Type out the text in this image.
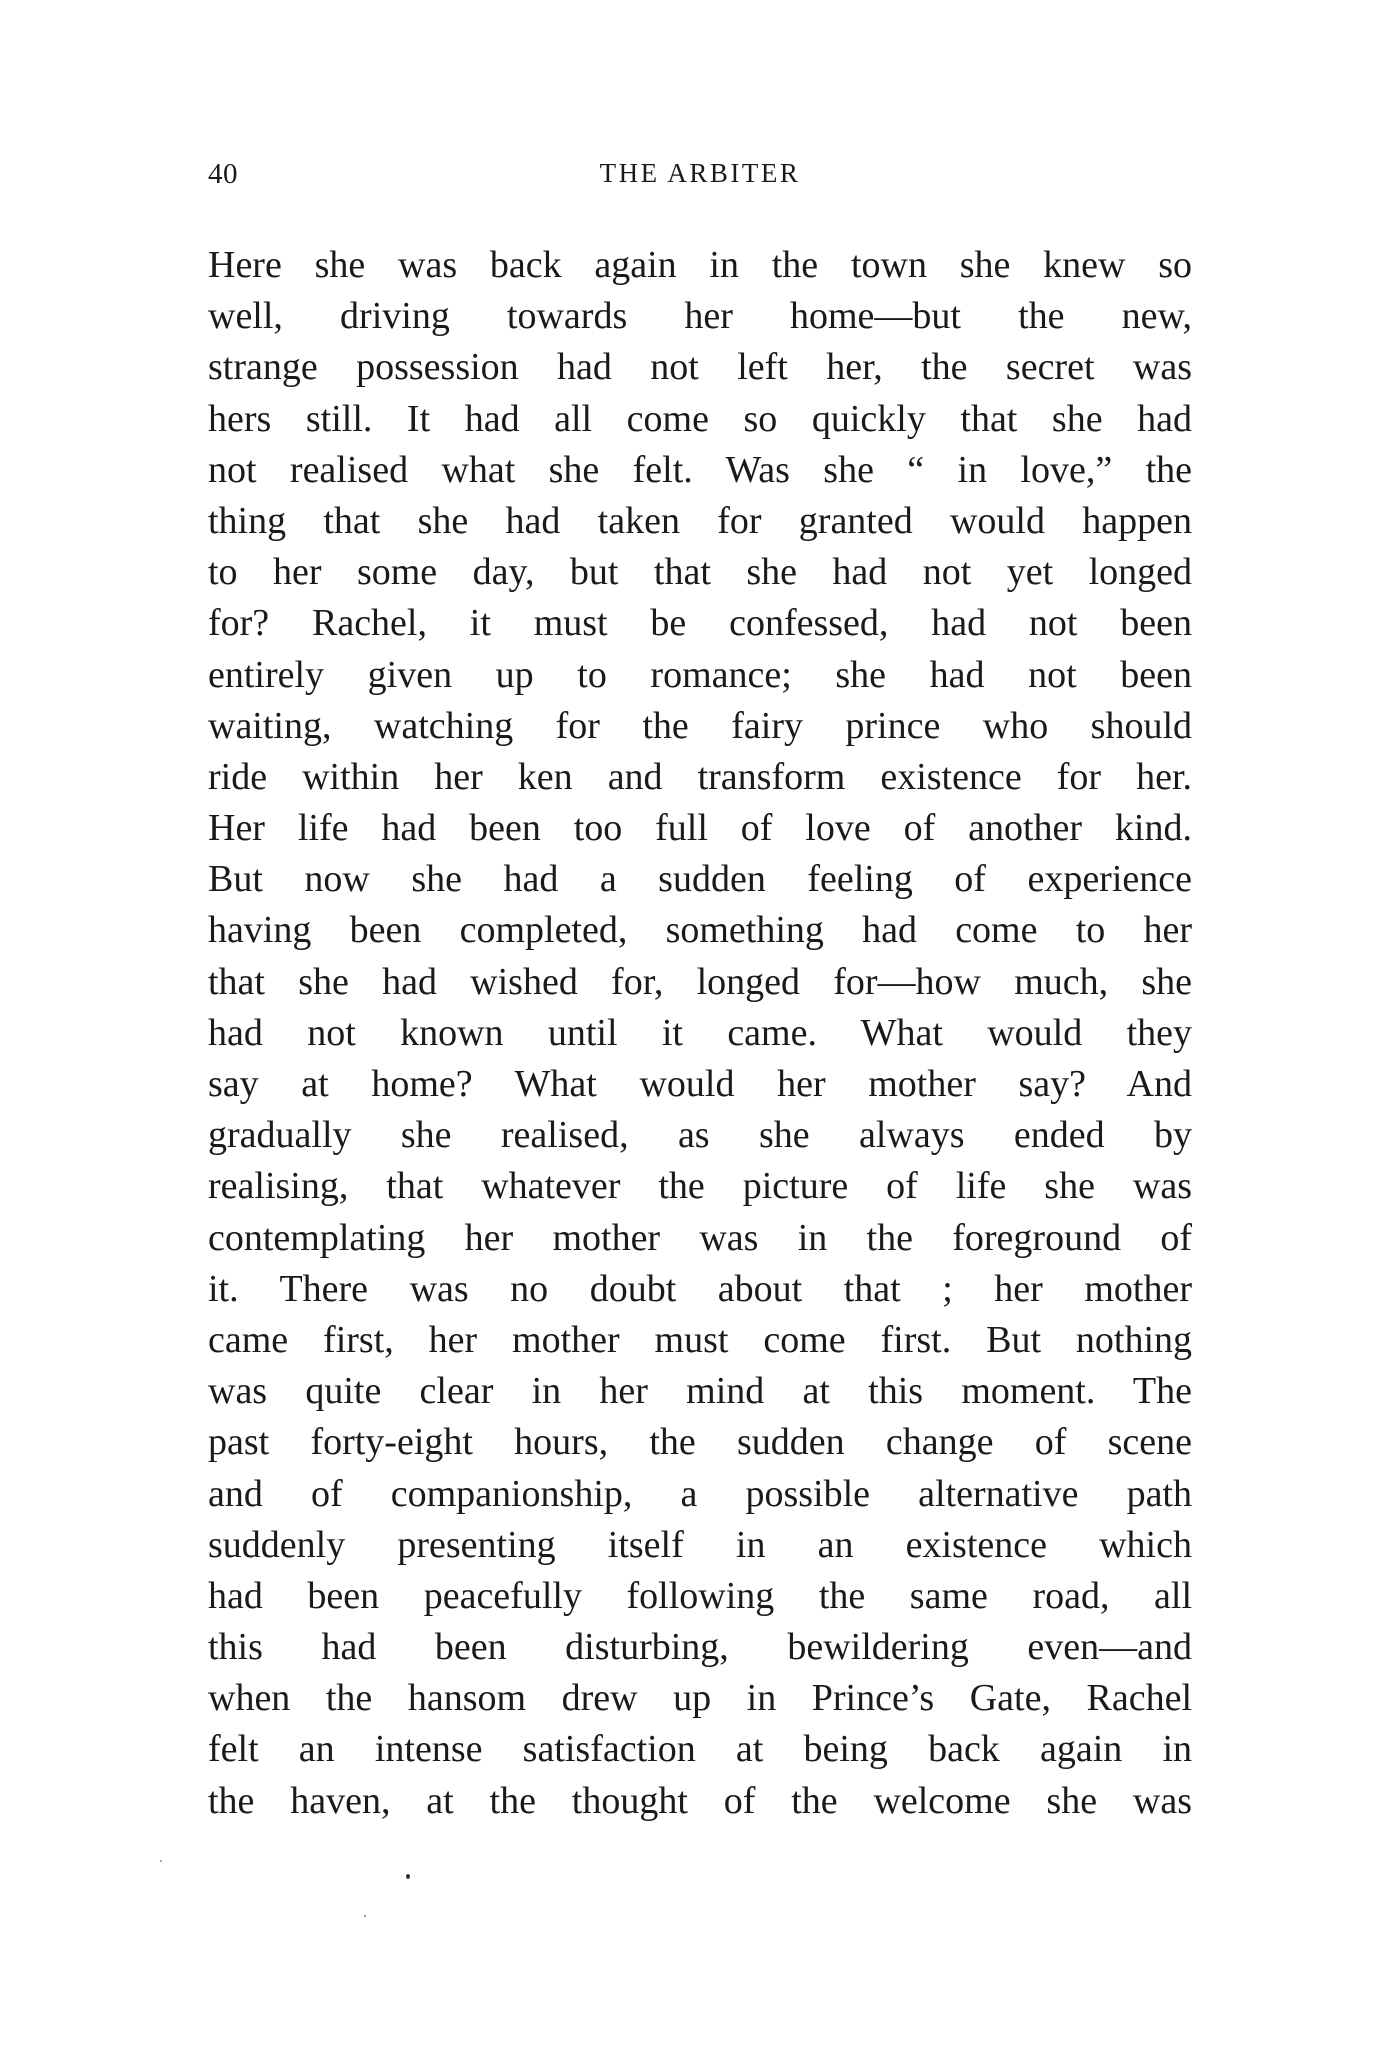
40	THE ARBITER
Here she was back again in the town she knew so
well, driving towards her home—but the new,
strange possession had not left her, the secret was
hers still. It had all come so quickly that she had
not realised what she felt. Was she “ in love,” the
thing that she had taken for granted would happen
to her some day, but that she had not yet longed
for? Rachel, it must be confessed, had not been
entirely given up to romance; she had not been
waiting, watching for the fairy prince who should
ride within her ken and transform existence for her.
Her life had been too full of love of another kind.
But now she had a sudden feeling of experience
having been completed, something had come to her
that she had wished for, longed for—how much, she
had not known until it came. What would they
say at home? What would her mother say? And
gradually she realised, as she always ended by
realising, that whatever the picture of life she was
contemplating her mother was in the foreground of
it. There was no doubt about that ; her mother
came first, her mother must come first. But nothing
was quite clear in her mind at this moment. The
past forty-eight hours, the sudden change of scene
and of companionship, a possible alternative path
suddenly presenting itself in an existence which
had been peacefully following the same road, all
this had been disturbing, bewildering even—and
when the hansom drew up in Prince’s Gate, Rachel
felt an intense satisfaction at being back again in
the haven, at the thought of the welcome she was
